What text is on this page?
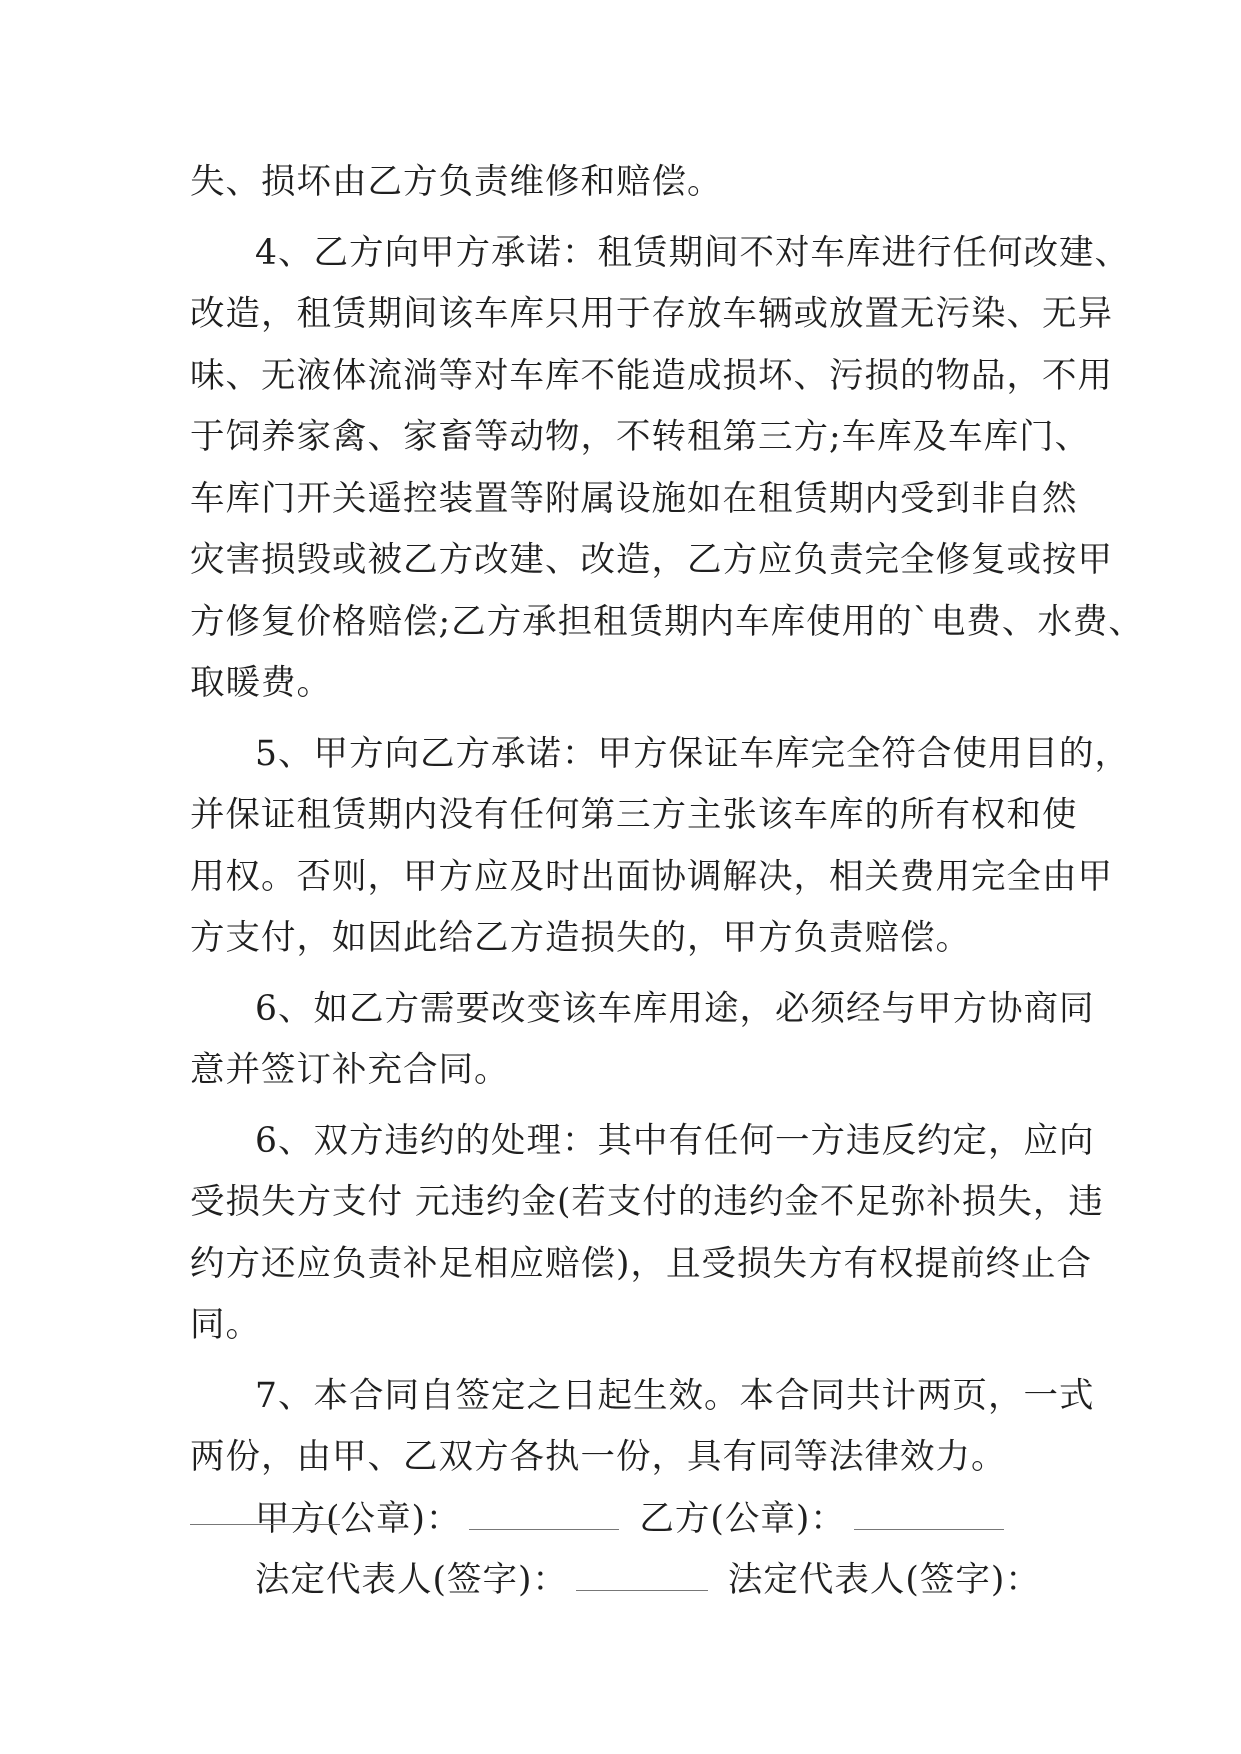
失、损坏由乙方负责维修和赔偿。
4、乙方向甲方承诺：租赁期间不对车库进行任何改建、
改造，租赁期间该车库只用于存放车辆或放置无污染、无异
味、无液体流淌等对车库不能造成损坏、污损的物品，不用
于饲养家禽、家畜等动物，不转租第三方;车库及车库门、
车库门开关遥控装置等附属设施如在租赁期内受到非自然
灾害损毁或被乙方改建、改造，乙方应负责完全修复或按甲
方修复价格赔偿;乙方承担租赁期内车库使用的`电费、水费、
取暖费。
5、甲方向乙方承诺：甲方保证车库完全符合使用目的，
并保证租赁期内没有任何第三方主张该车库的所有权和使
用权。否则，甲方应及时出面协调解决，相关费用完全由甲
方支付，如因此给乙方造损失的，甲方负责赔偿。
6、如乙方需要改变该车库用途，必须经与甲方协商同
意并签订补充合同。
6、双方违约的处理：其中有任何一方违反约定，应向
受损失方支付 元违约金(若支付的违约金不足弥补损失，违
约方还应负责补足相应赔偿)，且受损失方有权提前终止合
同。
7、本合同自签定之日起生效。本合同共计两页，一式
两份，由甲、乙双方各执一份，具有同等法律效力。
甲方(公章)：	乙方(公章)：
法定代表人(签字)：	法定代表人(签字)：
